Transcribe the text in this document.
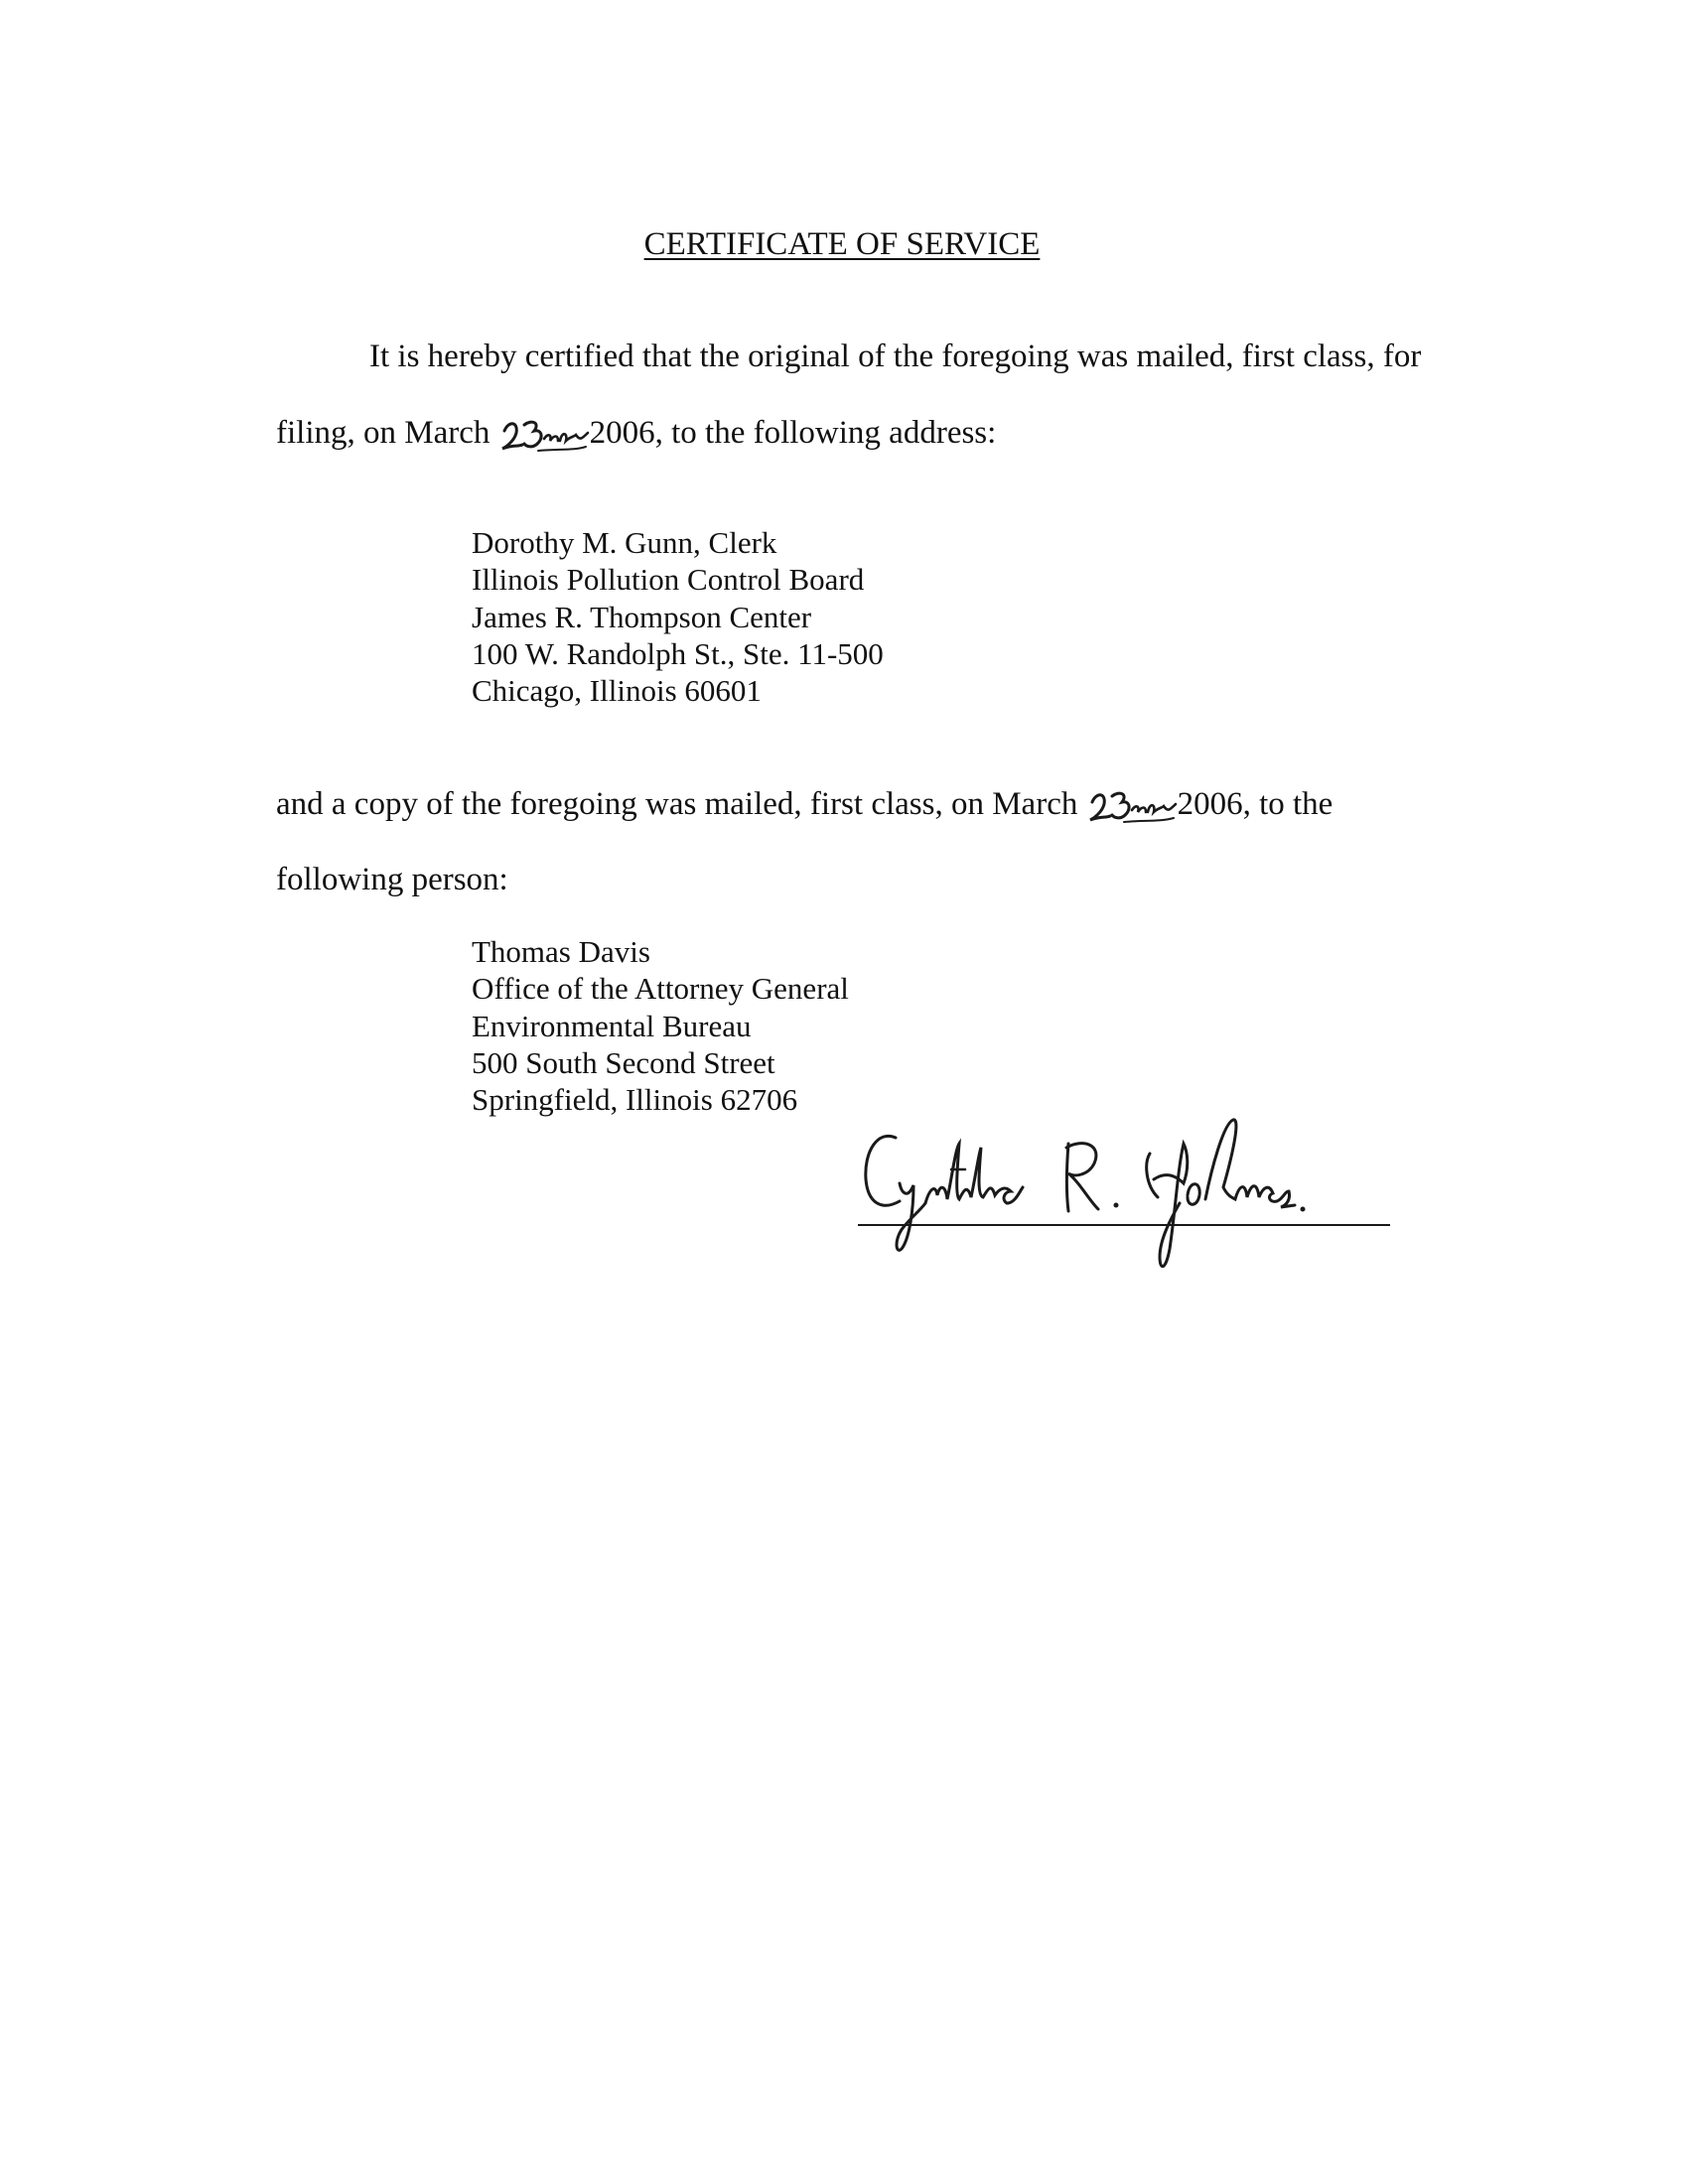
CERTIFICATE OF SERVICE
It is hereby certified that the original of the foregoing was mailed, first class, for
filing, on March	2006, to the following address:
Dorothy M. Gunn, Clerk
Illinois Pollution Control Board
James R. Thompson Center
100 W. Randolph St., Ste. 11-500
Chicago, Illinois 60601
and a copy of the foregoing was mailed, first class, on March	2006, to the
following person:
Thomas Davis
Office of the Attorney General
Environmental Bureau
500 South Second Street
Springfield, Illinois 62706
